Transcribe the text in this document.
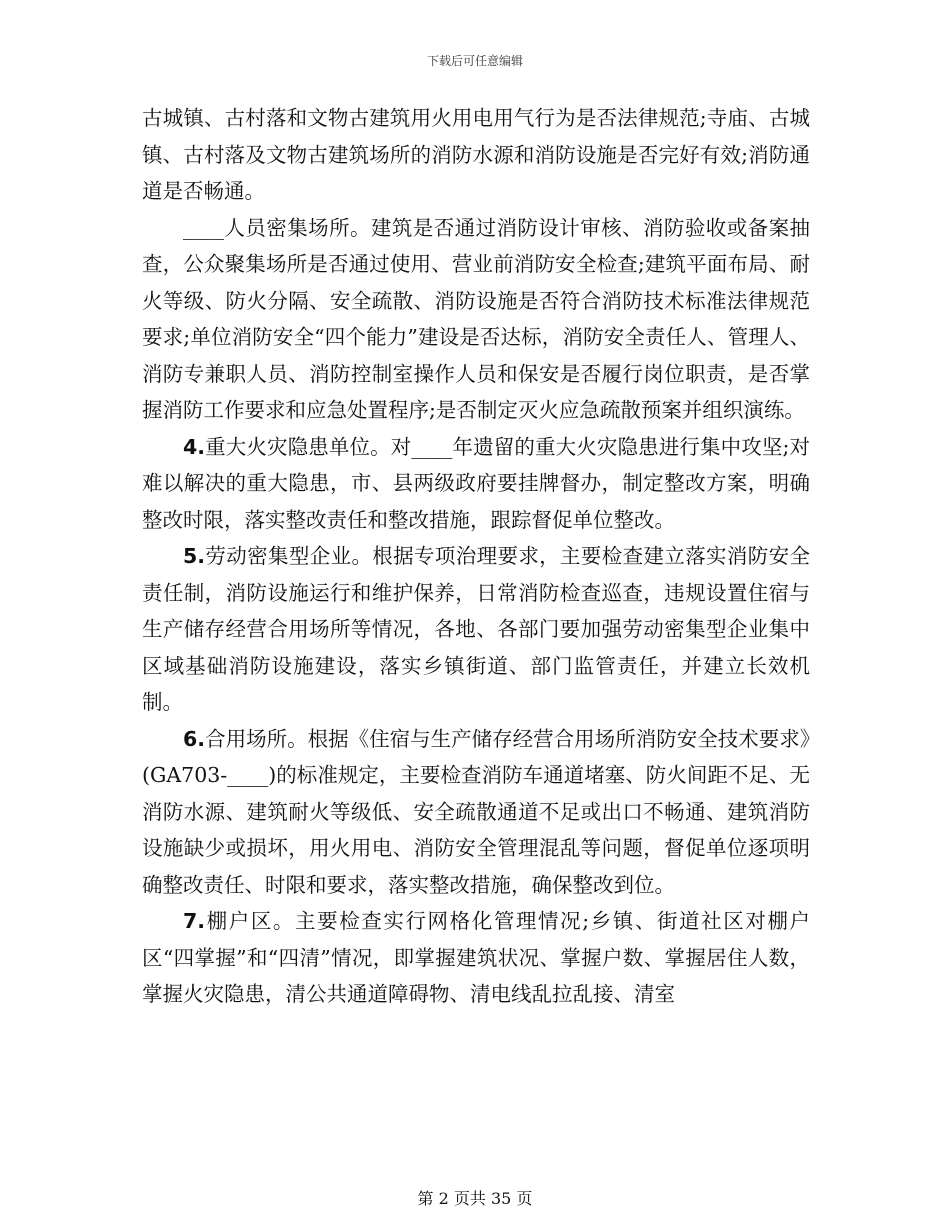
下载后可任意编辑

古城镇、古村落和文物古建筑用火用电用气行为是否法律规范;寺庙、古城镇、古村落及文物古建筑场所的消防水源和消防设施是否完好有效;消防通道是否畅通。

____人员密集场所。建筑是否通过消防设计审核、消防验收或备案抽查，公众聚集场所是否通过使用、营业前消防安全检查;建筑平面布局、耐火等级、防火分隔、安全疏散、消防设施是否符合消防技术标准法律规范要求;单位消防安全“四个能力”建设是否达标，消防安全责任人、管理人、消防专兼职人员、消防控制室操作人员和保安是否履行岗位职责，是否掌握消防工作要求和应急处置程序;是否制定灭火应急疏散预案并组织演练。

4.重大火灾隐患单位。对____年遗留的重大火灾隐患进行集中攻坚;对难以解决的重大隐患，市、县两级政府要挂牌督办，制定整改方案，明确整改时限，落实整改责任和整改措施，跟踪督促单位整改。

5.劳动密集型企业。根据专项治理要求，主要检查建立落实消防安全责任制，消防设施运行和维护保养，日常消防检查巡查，违规设置住宿与生产储存经营合用场所等情况，各地、各部门要加强劳动密集型企业集中区域基础消防设施建设，落实乡镇街道、部门监管责任，并建立长效机制。

6.合用场所。根据《住宿与生产储存经营合用场所消防安全技术要求》(GA703-____)的标准规定，主要检查消防车通道堵塞、防火间距不足、无消防水源、建筑耐火等级低、安全疏散通道不足或出口不畅通、建筑消防设施缺少或损坏，用火用电、消防安全管理混乱等问题，督促单位逐项明确整改责任、时限和要求，落实整改措施，确保整改到位。

7.棚户区。主要检查实行网格化管理情况;乡镇、街道社区对棚户区“四掌握”和“四清”情况，即掌握建筑状况、掌握户数、掌握居住人数，掌握火灾隐患，清公共通道障碍物、清电线乱拉乱接、清室

第 2 页共 35 页
